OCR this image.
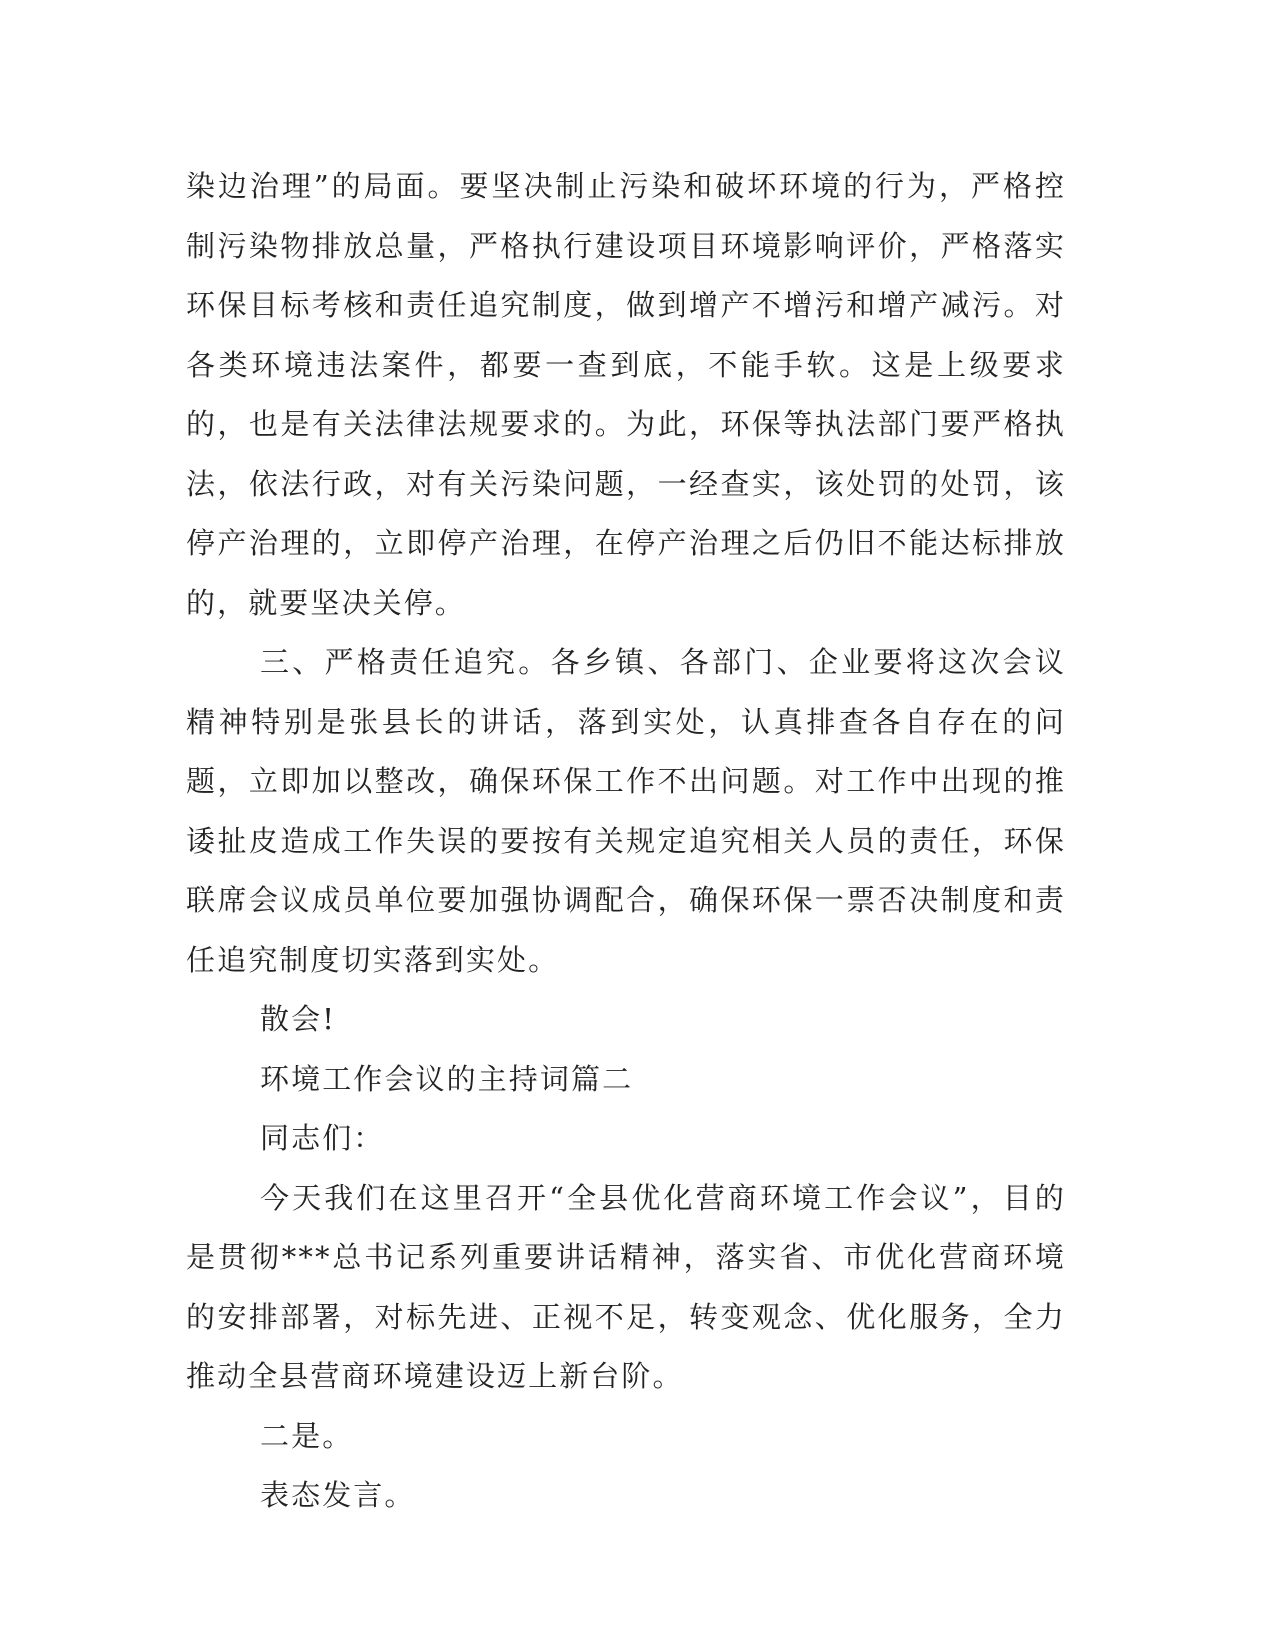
染边治理”的局面。要坚决制止污染和破坏环境的行为，严格控制污染物排放总量，严格执行建设项目环境影响评价，严格落实环保目标考核和责任追究制度，做到增产不增污和增产减污。对各类环境违法案件，都要一查到底，不能手软。这是上级要求的，也是有关法律法规要求的。为此，环保等执法部门要严格执法，依法行政，对有关污染问题，一经查实，该处罚的处罚，该停产治理的，立即停产治理，在停产治理之后仍旧不能达标排放的，就要坚决关停。

三、严格责任追究。各乡镇、各部门、企业要将这次会议精神特别是张县长的讲话，落到实处，认真排查各自存在的问题，立即加以整改，确保环保工作不出问题。对工作中出现的推诿扯皮造成工作失误的要按有关规定追究相关人员的责任，环保联席会议成员单位要加强协调配合，确保环保一票否决制度和责任追究制度切实落到实处。

散会!

环境工作会议的主持词篇二

同志们：

今天我们在这里召开“全县优化营商环境工作会议”，目的是贯彻***总书记系列重要讲话精神，落实省、市优化营商环境的安排部署，对标先进、正视不足，转变观念、优化服务，全力推动全县营商环境建设迈上新台阶。

二是。

表态发言。
